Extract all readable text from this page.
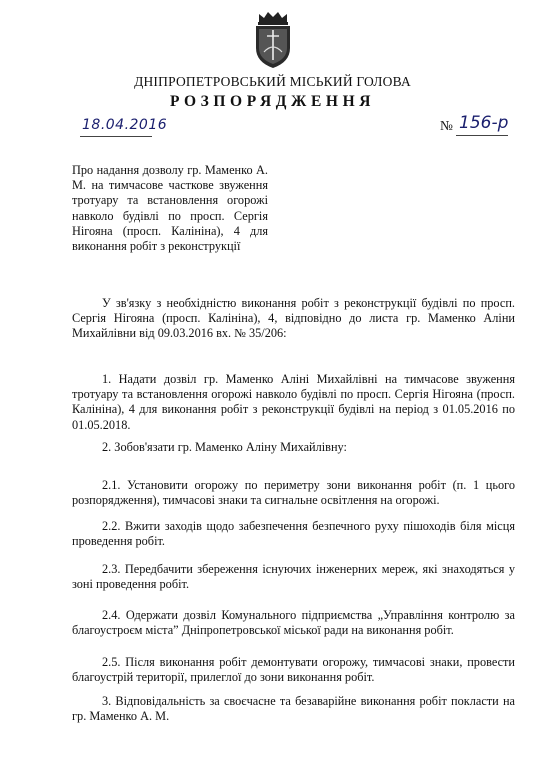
ДНІПРОПЕТРОВСЬКИЙ МІСЬКИЙ ГОЛОВА
РОЗПОРЯДЖЕННЯ
18.04.2016	№ 156-р
Про надання дозволу гр. Маменко А. М. на тимчасове часткове звуження тротуару та встановлення огорожі навколо будівлі по просп. Сергія Нігояна (просп. Калініна), 4 для виконання робіт з реконструкції
У зв'язку з необхідністю виконання робіт з реконструкції будівлі по просп. Сергія Нігояна (просп. Калініна), 4, відповідно до листа гр. Маменко Аліни Михайлівни від 09.03.2016 вх. № 35/206:
1. Надати дозвіл гр. Маменко Аліні Михайлівні на тимчасове звуження тротуару та встановлення огорожі навколо будівлі по просп. Сергія Нігояна (просп. Калініна), 4 для виконання робіт з реконструкції будівлі на період з 01.05.2016 по 01.05.2018.
2. Зобов'язати гр. Маменко Аліну Михайлівну:
2.1. Установити огорожу по периметру зони виконання робіт (п. 1 цього розпорядження), тимчасові знаки та сигнальне освітлення на огорожі.
2.2. Вжити заходів щодо забезпечення безпечного руху пішоходів біля місця проведення робіт.
2.3. Передбачити збереження існуючих інженерних мереж, які знаходяться у зоні проведення робіт.
2.4. Одержати дозвіл Комунального підприємства „Управління контролю за благоустроєм міста” Дніпропетровської міської ради на виконання робіт.
2.5. Після виконання робіт демонтувати огорожу, тимчасові знаки, провести благоустрій території, прилеглої до зони виконання робіт.
3. Відповідальність за своєчасне та безаварійне виконання робіт покласти на гр. Маменко А. М.
